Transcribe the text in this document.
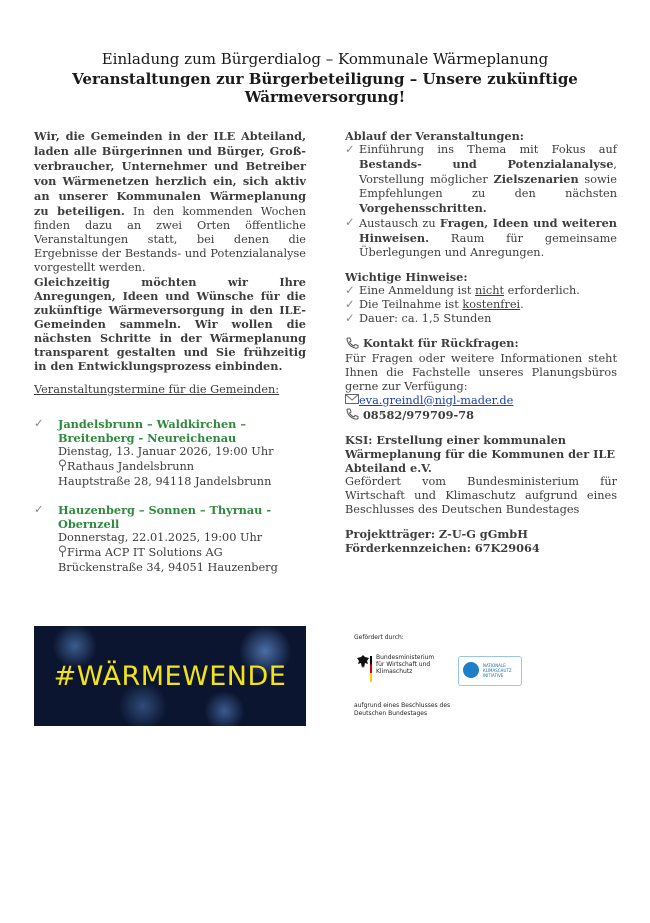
Einladung zum Bürgerdialog – Kommunale Wärmeplanung
Veranstaltungen zur Bürgerbeteiligung – Unsere zukünftige Wärmeversorgung!

Wir, die Gemeinden in der ILE Abteiland, laden alle Bürgerinnen und Bürger, Groß-verbraucher, Unternehmer und Betreiber von Wärmenetzen herzlich ein, sich aktiv an unserer Kommunalen Wärmeplanung zu beteiligen. In den kommenden Wochen finden dazu an zwei Orten öffentliche Veranstaltungen statt, bei denen die Ergebnisse der Bestands- und Potenzialanalyse vorgestellt werden.

Gleichzeitig möchten wir Ihre Anregungen, Ideen und Wünsche für die zukünftige Wärmeversorgung in den ILE-Gemeinden sammeln. Wir wollen die nächsten Schritte in der Wärmeplanung transparent gestalten und Sie frühzeitig in den Entwicklungsprozess einbinden.

Veranstaltungstermine für die Gemeinden:
✓	Jandelsbrunn – Waldkirchen – Breitenberg - Neureichenau
Dienstag, 13. Januar 2026, 19:00 Uhr
Rathaus Jandelsbrunn
Hauptstraße 28, 94118 Jandelsbrunn
✓	Hauzenberg – Sonnen – Thyrnau - Obernzell
Donnerstag, 22.01.2025, 19:00 Uhr
Firma ACP IT Solutions AG
Brückenstraße 34, 94051 Hauzenberg
#WÄRMEWENDE
Ablauf der Veranstaltungen:
✓ Einführung ins Thema mit Fokus auf Bestands- und Potenzialanalyse, Vorstellung möglicher Zielszenarien sowie Empfehlungen zu den nächsten Vorgehensschritten.

✓ Austausch zu Fragen, Ideen und weiteren Hinweisen. Raum für gemeinsame Überlegungen und Anregungen.

Wichtige Hinweise:
✓ Eine Anmeldung ist nicht erforderlich.
✓ Die Teilnahme ist kostenfrei.
✓ Dauer: ca. 1,5 Stunden
Kontakt für Rückfragen:

Für Fragen oder weitere Informationen steht Ihnen die Fachstelle unseres Planungsbüros gerne zur Verfügung:

eva.greindl@nigl-mader.de
08582/979709-78
KSI: Erstellung einer kommunalen Wärmeplanung für die Kommunen der ILE Abteiland e.V.

Gefördert vom Bundesministerium für Wirtschaft und Klimaschutz aufgrund eines Beschlusses des Deutschen Bundestages

Projektträger: Z-U-G gGmbH
Förderkennzeichen: 67K29064
Gefördert durch:
Bundesministerium für Wirtschaft und Klimaschutz
NATIONALE KLIMASCHUTZ INITIATIVE
aufgrund eines Beschlusses des Deutschen Bundestages
